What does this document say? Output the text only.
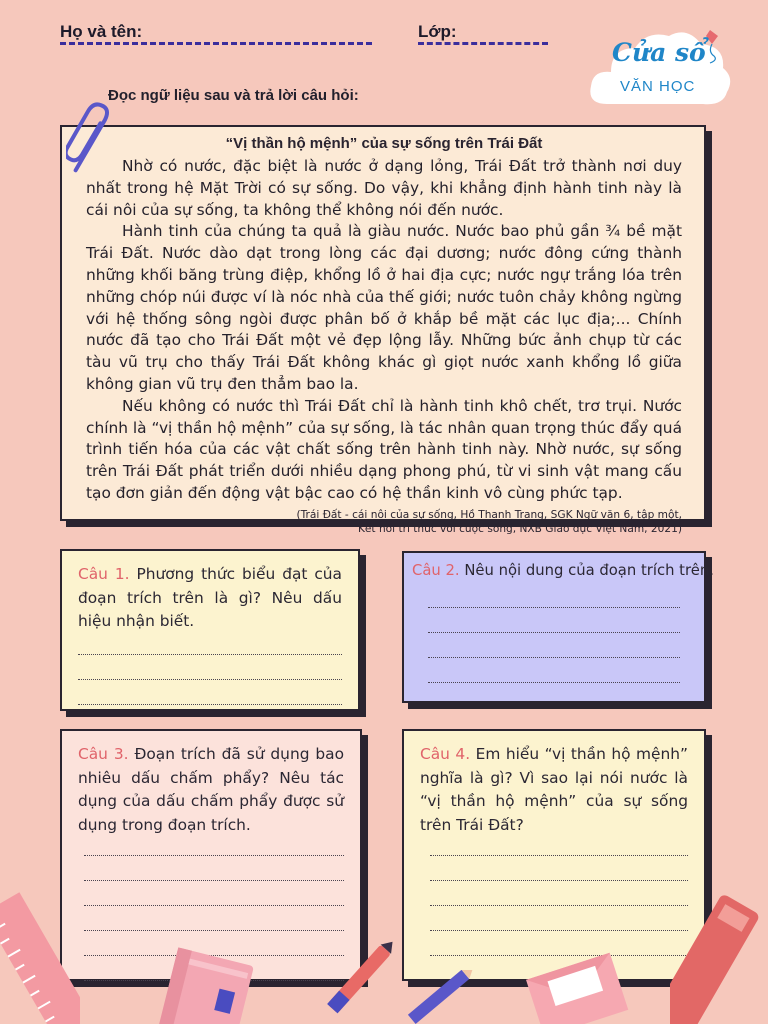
Họ và tên:	Lớp:
Cửa sổ
VĂN HỌC
Đọc ngữ liệu sau và trả lời câu hỏi:
“Vị thần hộ mệnh” của sự sống trên Trái Đất

Nhờ có nước, đặc biệt là nước ở dạng lỏng, Trái Đất trở thành nơi duy nhất trong hệ Mặt Trời có sự sống. Do vậy, khi khẳng định hành tinh này là cái nôi của sự sống, ta không thể không nói đến nước.

Hành tinh của chúng ta quả là giàu nước. Nước bao phủ gần ¾ bề mặt Trái Đất. Nước dào dạt trong lòng các đại dương; nước đông cứng thành những khối băng trùng điệp, khổng lồ ở hai địa cực; nước ngự trắng lóa trên những chóp núi được ví là nóc nhà của thế giới; nước tuôn chảy không ngừng với hệ thống sông ngòi được phân bố ở khắp bề mặt các lục địa;... Chính nước đã tạo cho Trái Đất một vẻ đẹp lộng lẫy. Những bức ảnh chụp từ các tàu vũ trụ cho thấy Trái Đất không khác gì giọt nước xanh khổng lồ giữa không gian vũ trụ đen thẳm bao la.

Nếu không có nước thì Trái Đất chỉ là hành tinh khô chết, trơ trụi. Nước chính là “vị thần hộ mệnh” của sự sống, là tác nhân quan trọng thúc đẩy quá trình tiến hóa của các vật chất sống trên hành tinh này. Nhờ nước, sự sống trên Trái Đất phát triển dưới nhiều dạng phong phú, từ vi sinh vật mang cấu tạo đơn giản đến động vật bậc cao có hệ thần kinh vô cùng phức tạp.

(Trái Đất - cái nôi của sự sống, Hồ Thanh Trang, SGK Ngữ văn 6, tập một,
Kết nối tri thức với cuộc sống, NXB Giáo dục Việt Nam, 2021)
Câu 1. Phương thức biểu đạt của đoạn trích trên là gì? Nêu dấu hiệu nhận biết.
Câu 2. Nêu nội dung của đoạn trích trên.
Câu 3. Đoạn trích đã sử dụng bao nhiêu dấu chấm phẩy? Nêu tác dụng của dấu chấm phẩy được sử dụng trong đoạn trích.
Câu 4. Em hiểu “vị thần hộ mệnh” nghĩa là gì? Vì sao lại nói nước là “vị thần hộ mệnh” của sự sống trên Trái Đất?
